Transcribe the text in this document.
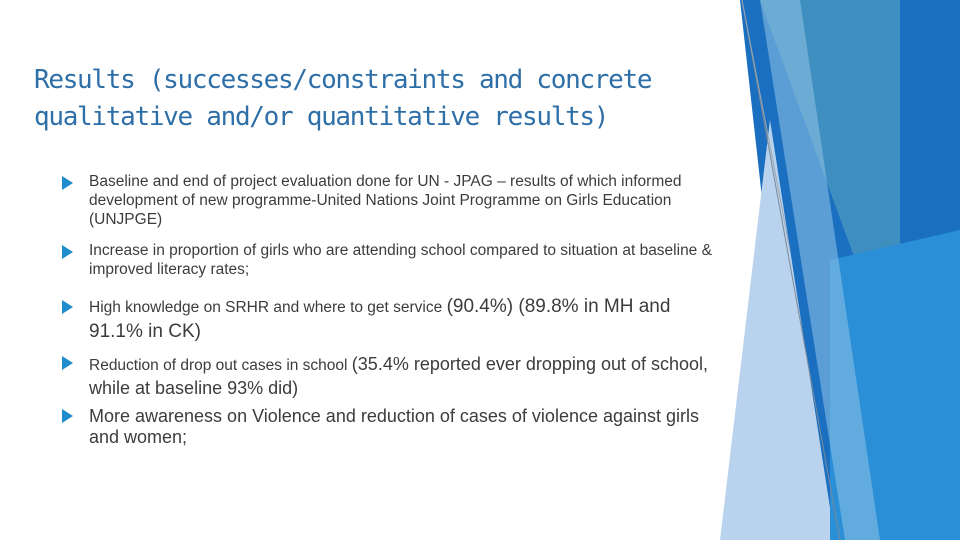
Results (successes/constraints and concrete qualitative and/or quantitative results)
Baseline and end of project evaluation done for UN - JPAG – results of which informed development of new programme-United Nations Joint Programme on Girls Education (UNJPGE)
Increase in proportion of girls who are attending school compared to situation at baseline & improved literacy rates;
High knowledge on SRHR and where to get service (90.4%) (89.8% in MH and 91.1% in CK)
Reduction of drop out cases in school (35.4% reported ever dropping out of school, while at baseline 93% did)
More awareness on Violence and reduction of cases of violence against girls and women;
